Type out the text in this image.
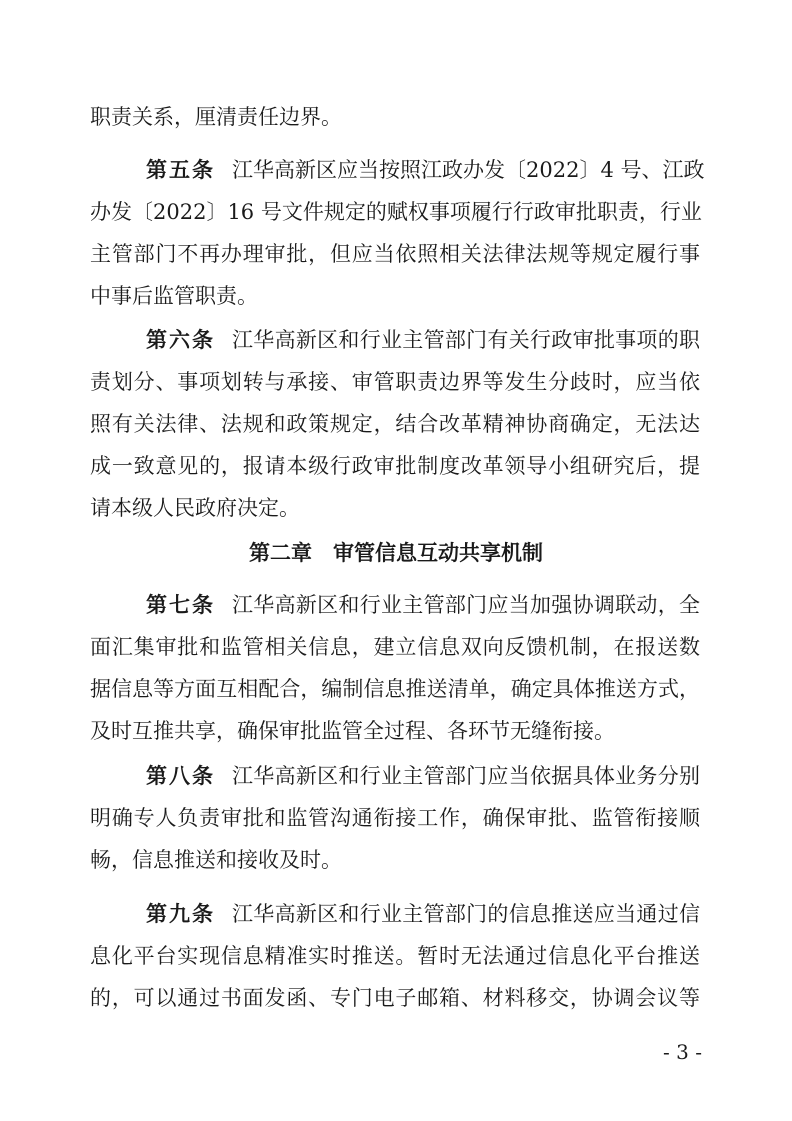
职责关系，厘清责任边界。
第五条 江华高新区应当按照江政办发〔2022〕4 号、江政
办发〔2022〕16 号文件规定的赋权事项履行行政审批职责，行业
主管部门不再办理审批，但应当依照相关法律法规等规定履行事
中事后监管职责。
第六条 江华高新区和行业主管部门有关行政审批事项的职
责划分、事项划转与承接、审管职责边界等发生分歧时，应当依
照有关法律、法规和政策规定，结合改革精神协商确定，无法达
成一致意见的，报请本级行政审批制度改革领导小组研究后，提
请本级人民政府决定。
第二章　审管信息互动共享机制
第七条 江华高新区和行业主管部门应当加强协调联动，全
面汇集审批和监管相关信息，建立信息双向反馈机制，在报送数
据信息等方面互相配合，编制信息推送清单，确定具体推送方式，
及时互推共享，确保审批监管全过程、各环节无缝衔接。
第八条 江华高新区和行业主管部门应当依据具体业务分别
明确专人负责审批和监管沟通衔接工作，确保审批、监管衔接顺
畅，信息推送和接收及时。
第九条 江华高新区和行业主管部门的信息推送应当通过信
息化平台实现信息精准实时推送。暂时无法通过信息化平台推送
的，可以通过书面发函、专门电子邮箱、材料移交，协调会议等
- 3 -
